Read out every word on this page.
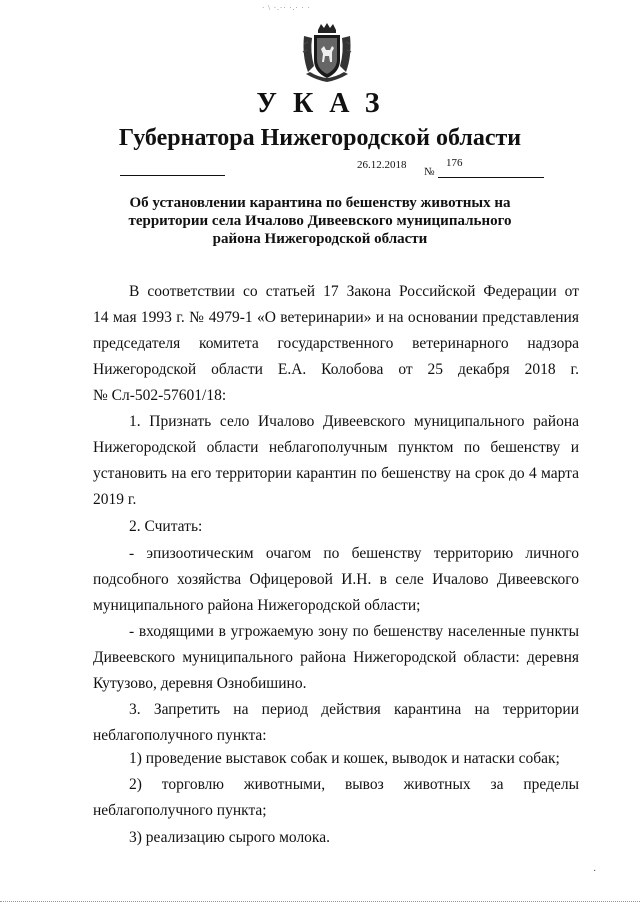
· \ ·.·· ·.· · ·
УКАЗ
Губернатора Нижегородской области
26.12.2018
№
176
Об установлении карантина по бешенству животных на
территории села Ичалово Дивеевского муниципального
района Нижегородской области
В соответствии со статьей 17 Закона Российской Федерации от
14 мая 1993 г. № 4979-1 «О ветеринарии» и на основании представления
председателя комитета государственного ветеринарного надзора
Нижегородской области Е.А. Колобова от 25 декабря 2018 г.
№ Сл-502-57601/18:
1. Признать село Ичалово Дивеевского муниципального района
Нижегородской области неблагополучным пунктом по бешенству и
установить на его территории карантин по бешенству на срок до 4 марта
2019 г.
2. Считать:
- эпизоотическим очагом по бешенству территорию личного
подсобного хозяйства Офицеровой И.Н. в селе Ичалово Дивеевского
муниципального района Нижегородской области;
- входящими в угрожаемую зону по бешенству населенные пункты
Дивеевского муниципального района Нижегородской области: деревня
Кутузово, деревня Ознобишино.
3. Запретить на период действия карантина на территории
неблагополучного пункта:
1) проведение выставок собак и кошек, выводок и натаски собак;
2) торговлю животными, вывоз животных за пределы
неблагополучного пункта;
3) реализацию сырого молока.
·
